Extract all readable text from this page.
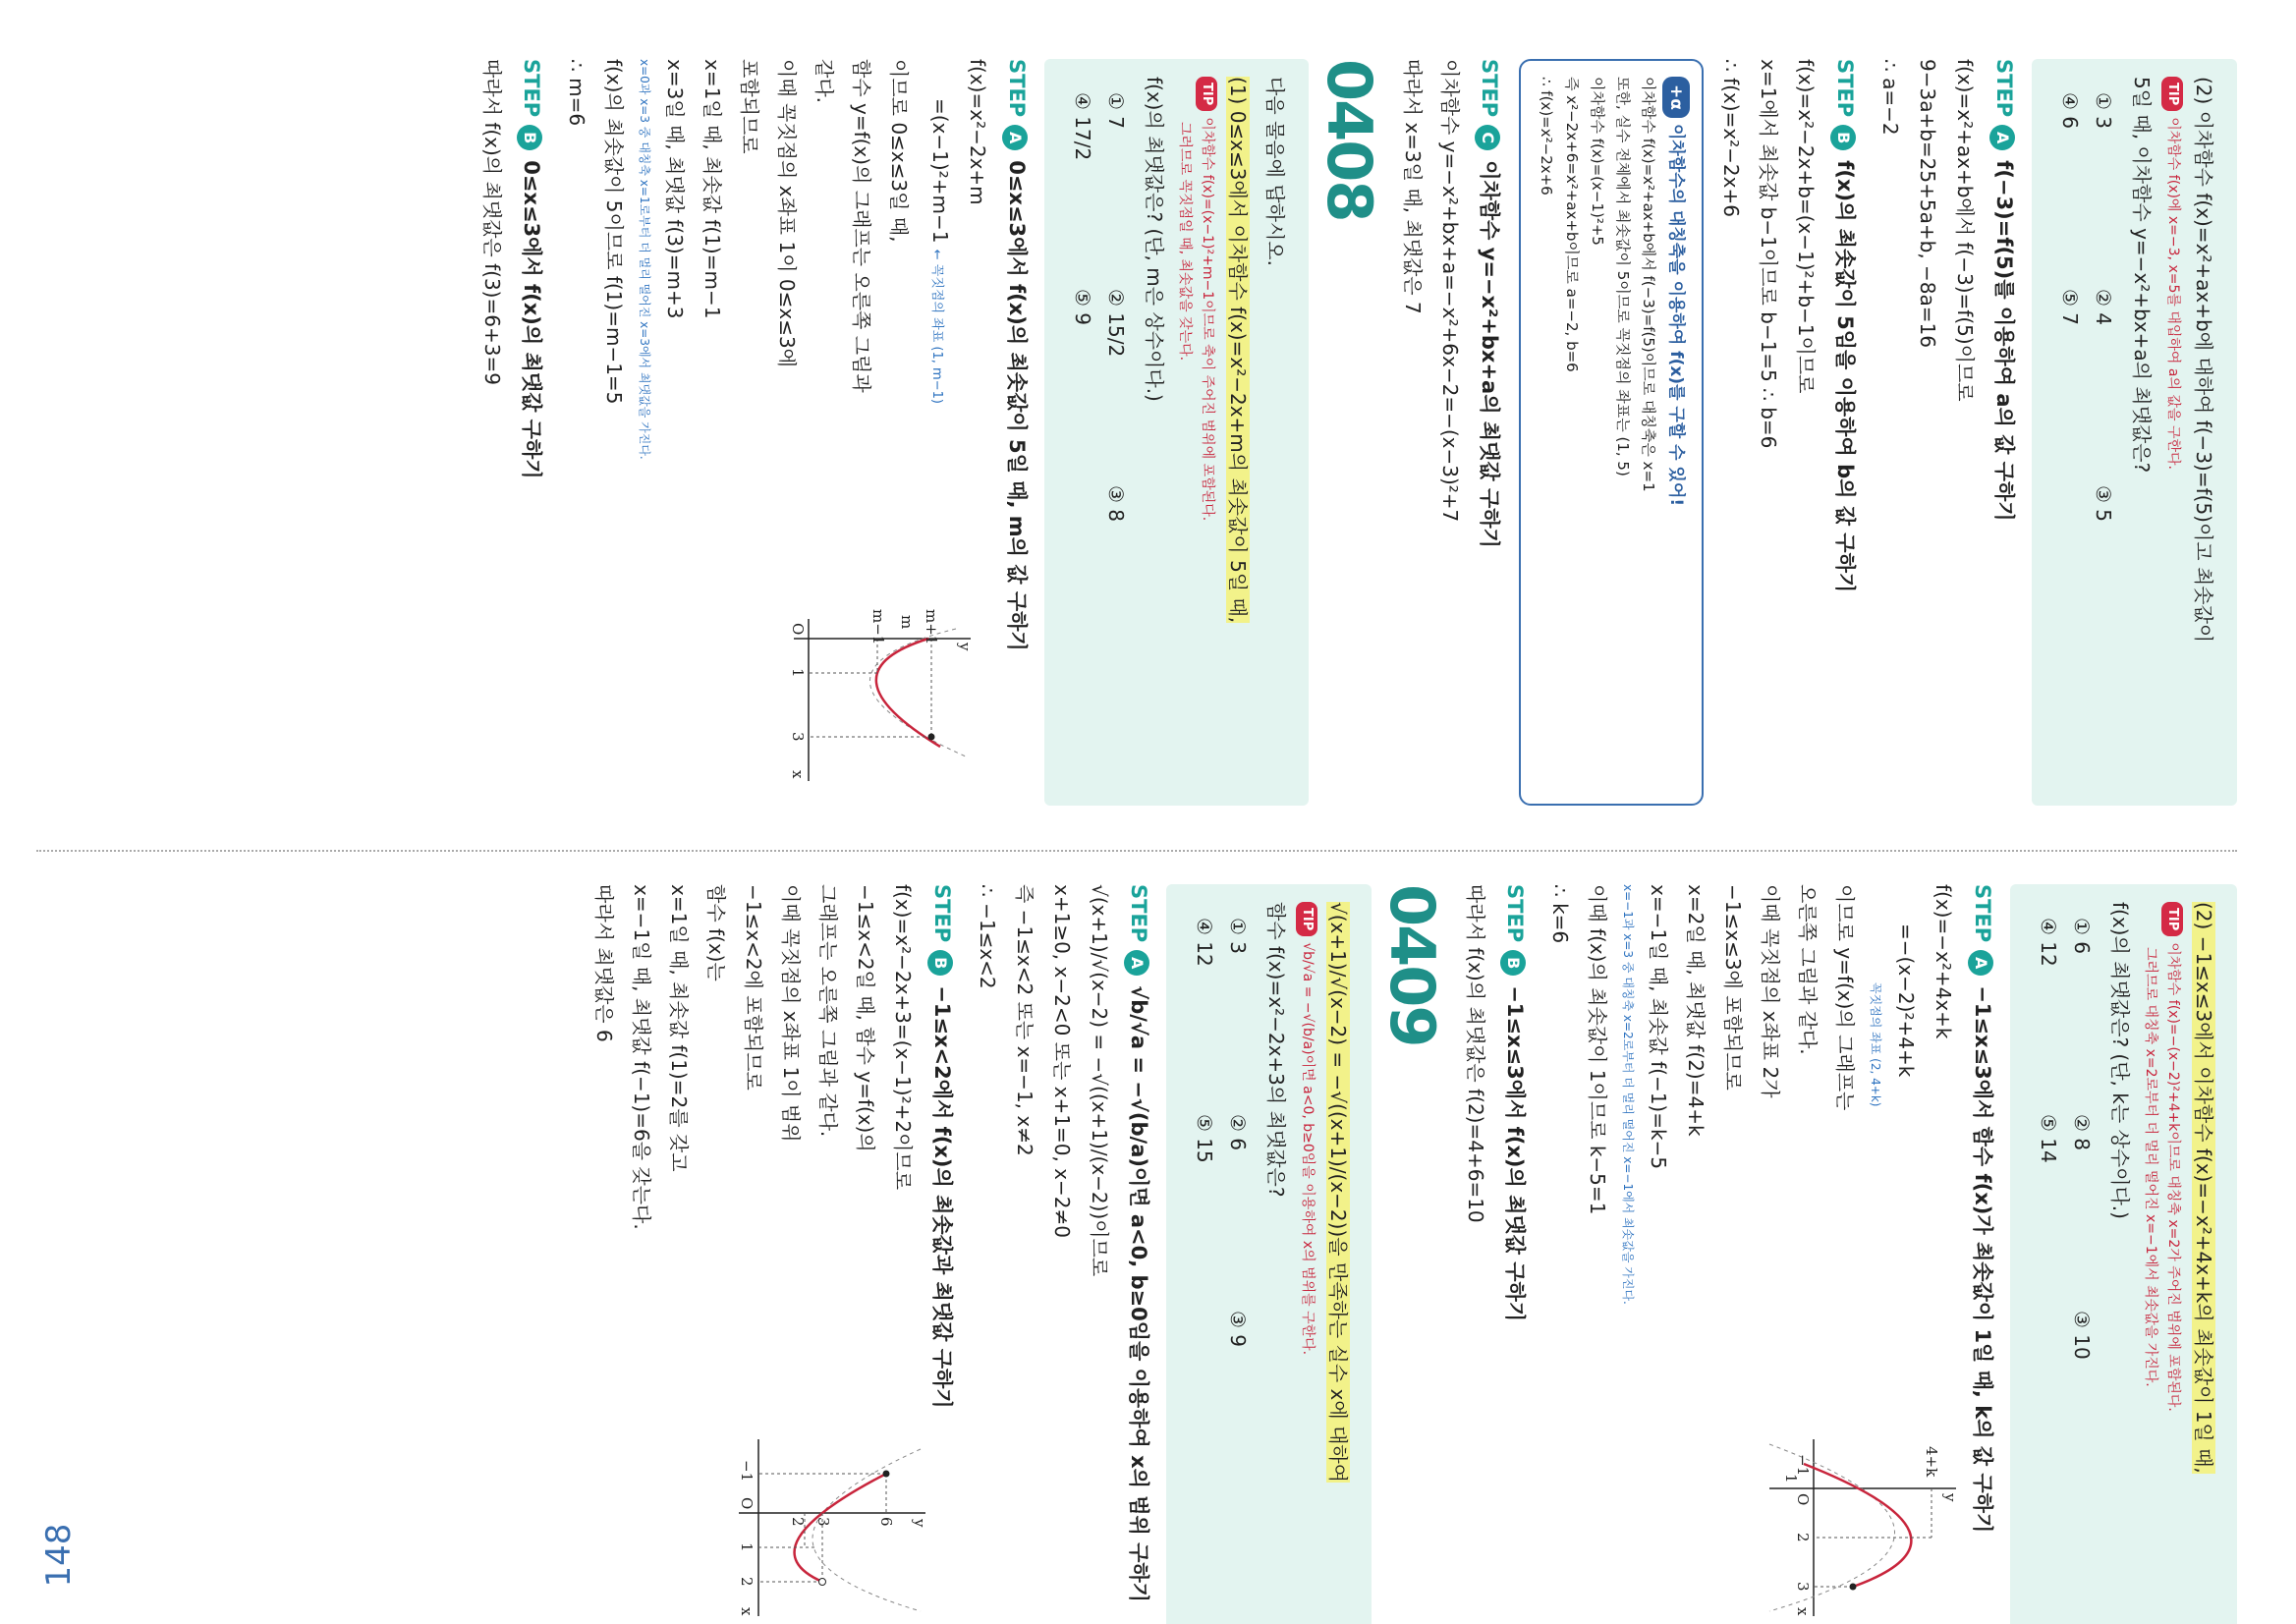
148
(2) 이차함수 f(x)=x²+ax+b에 대하여 f(−3)=f(5)이고 최솟값이
TIP이차함수 f(x)에 x=−3, x=5를 대입하여 a의 값을 구한다.
5일 때, 이차함수 y=−x²+bx+a의 최댓값은?
① 3
② 4
③ 5
④ 6
⑤ 7
STEPAf(−3)=f(5)를 이용하여 a의 값 구하기
f(x)=x²+ax+b에서 f(−3)=f(5)이므로
9−3a+b=25+5a+b, −8a=16
∴ a=−2
STEPBf(x)의 최솟값이 5임을 이용하여 b의 값 구하기
f(x)=x²−2x+b=(x−1)²+b−1이므로
x=1에서 최솟값 b−1이므로 b−1=5 ∴ b=6
∴ f(x)=x²−2x+6
+α이차함수의 대칭축을 이용하여 f(x)를 구할 수 있어!
이차함수 f(x)=x²+ax+b에서 f(−3)=f(5)이므로 대칭축은 x=1
또한, 실수 전체에서 최솟값이 5이므로 꼭짓점의 좌표는 (1, 5)
이차함수 f(x)=(x−1)²+5
즉 x²−2x+6=x²+ax+b이므로 a=−2, b=6
∴ f(x)=x²−2x+6
STEPC이차함수 y=−x²+bx+a의 최댓값 구하기
이차함수 y=−x²+bx+a=−x²+6x−2=−(x−3)²+7
따라서 x=3일 때, 최댓값은 7
0408
다음 물음에 답하시오.
(1) 0≤x≤3에서 이차함수 f(x)=x²−2x+m의 최솟값이 5일 때,
TIP이차함수 f(x)=(x−1)²+m−1이므로 축이 주어진 범위에 포함된다.
그러므로 꼭짓점일 때, 최솟값을 갖는다.
f(x)의 최댓값은? (단, m은 상수이다.)
① 7
② 15/2
③ 8
④ 17/2
⑤ 9
STEPA0≤x≤3에서 f(x)의 최솟값이 5일 때, m의 값 구하기
f(x)=x²−2x+m
=(x−1)²+m−1 ← 꼭짓점의 좌표 (1, m−1)
이므로 0≤x≤3일 때,
함수 y=f(x)의 그래프는 오른쪽 그림과
같다.
이때 꼭짓점의 x좌표 1이 0≤x≤3에
포함되므로
x=1일 때, 최솟값 f(1)=m−1
x=3일 때, 최댓값 f(3)=m+3
x=0과 x=3 중 대칭축 x=1로부터 더 멀리 떨어진 x=3에서 최댓값을 가진다.
f(x)의 최솟값이 5이므로 f(1)=m−1=5
∴ m=6
y
x
O
1
3
m+1
m
m−1
STEPB0≤x≤3에서 f(x)의 최댓값 구하기
따라서 f(x)의 최댓값은 f(3)=6+3=9
(2) −1≤x≤3에서 이차함수 f(x)=−x²+4x+k의 최솟값이 1일 때,
TIP이차함수 f(x)=−(x−2)²+4+k이므로 대칭축 x=2가 주어진 범위에 포함된다.
그러므로 대칭축 x=2로부터 더 멀리 떨어진 x=−1에서 최솟값을 가진다.
f(x)의 최댓값은? (단, k는 상수이다.)
① 6
② 8
③ 10
④ 12
⑤ 14
STEPA−1≤x≤3에서 함수 f(x)가 최솟값이 1일 때, k의 값 구하기
f(x)=−x²+4x+k
=−(x−2)²+4+k
꼭짓점의 좌표 (2, 4+k)
이므로 y=f(x)의 그래프는
오른쪽 그림과 같다.
이때 꼭짓점의 x좌표 2가
−1≤x≤3에 포함되므로
x=2일 때, 최댓값 f(2)=4+k
x=−1일 때, 최솟값 f(−1)=k−5
x=−1과 x=3 중 대칭축 x=2로부터 더 멀리 떨어진 x=−1에서 최솟값을 가진다.
이때 f(x)의 최솟값이 1이므로 k−5=1
∴ k=6
y
x
O
−1
2
3
4+k
1
STEPB−1≤x≤3에서 f(x)의 최댓값 구하기
따라서 f(x)의 최댓값은 f(2)=4+6=10
0409
√(x+1)/√(x−2) = −√((x+1)/(x−2))을 만족하는 실수 x에 대하여
TIP√b/√a = −√(b/a)이면 a<0, b≥0임을 이용하여 x의 범위를 구한다.
함수 f(x)=x²−2x+3의 최댓값은?
① 3
② 6
③ 9
④ 12
⑤ 15
STEPA√b/√a = −√(b/a)이면 a<0, b≥0임을 이용하여 x의 범위 구하기
√(x+1)/√(x−2) = −√((x+1)/(x−2))이므로
x+1≥0, x−2<0 또는 x+1=0, x−2≠0
즉 −1≤x<2 또는 x=−1, x≠2
∴ −1≤x<2
STEPB−1≤x<2에서 f(x)의 최솟값과 최댓값 구하기
f(x)=x²−2x+3=(x−1)²+2이므로
−1≤x<2일 때, 함수 y=f(x)의
그래프는 오른쪽 그림과 같다.
이때 꼭짓점의 x좌표 1이 범위
−1≤x<2에 포함되므로
함수 f(x)는
x=1일 때, 최솟값 f(1)=2를 갖고
x=−1일 때, 최댓값 f(−1)=6을 갖는다.
따라서 최댓값은 6
y
x
O
−1
1
2
6
3
2
